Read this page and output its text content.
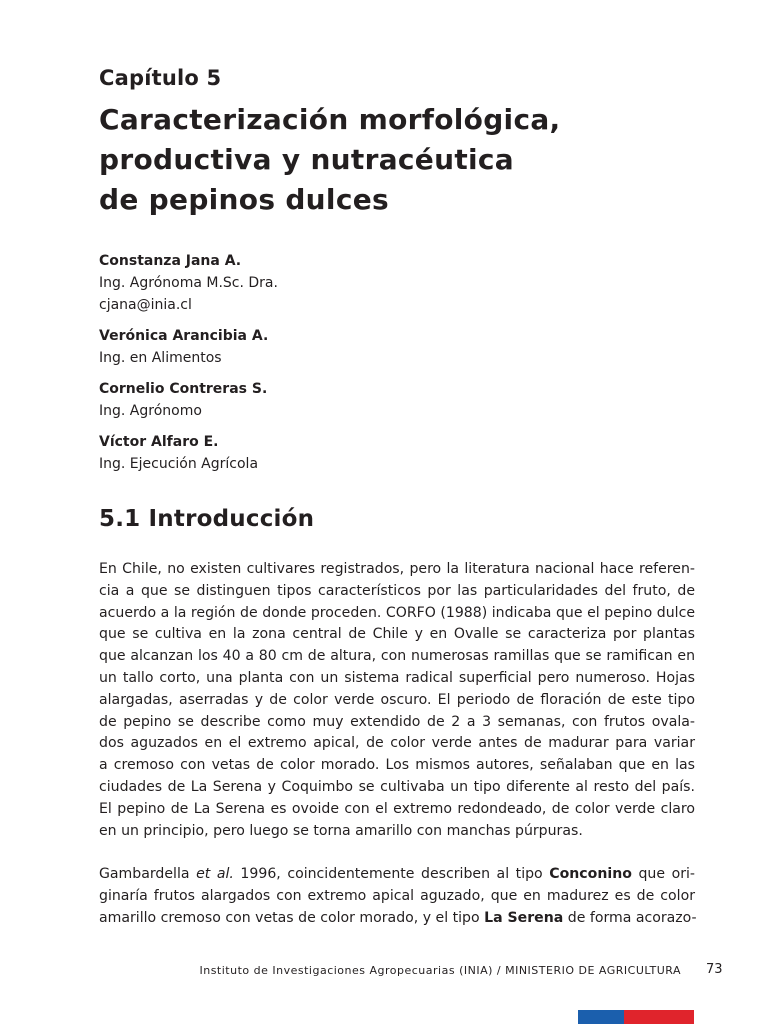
Capítulo 5
Caracterización morfológica,
productiva y nutracéutica
de pepinos dulces
Constanza Jana A.
Ing. Agrónoma M.Sc. Dra.
cjana@inia.cl
Verónica Arancibia A.
Ing. en Alimentos
Cornelio Contreras S.
Ing. Agrónomo
Víctor Alfaro E.
Ing. Ejecución Agrícola
5.1 Introducción
En Chile, no existen cultivares registrados, pero la literatura nacional hace referen-
cia a que se distinguen tipos característicos por las particularidades del fruto, de
acuerdo a la región de donde proceden. CORFO (1988) indicaba que el pepino dulce
que se cultiva en la zona central de Chile y en Ovalle se caracteriza por plantas
que alcanzan los 40 a 80 cm de altura, con numerosas ramillas que se ramifican en
un tallo corto, una planta con un sistema radical superficial pero numeroso. Hojas
alargadas, aserradas y de color verde oscuro. El periodo de floración de este tipo
de pepino se describe como muy extendido de 2 a 3 semanas, con frutos ovala-
dos aguzados en el extremo apical, de color verde antes de madurar para variar
a cremoso con vetas de color morado. Los mismos autores, señalaban que en las
ciudades de La Serena y Coquimbo se cultivaba un tipo diferente al resto del país.
El pepino de La Serena es ovoide con el extremo redondeado, de color verde claro
en un principio, pero luego se torna amarillo con manchas púrpuras.
Gambardella et al. 1996, coincidentemente describen al tipo Conconino que ori-
ginaría frutos alargados con extremo apical aguzado, que en madurez es de color
amarillo cremoso con vetas de color morado, y el tipo La Serena de forma acorazo-
Instituto de Investigaciones Agropecuarias (INIA) / MINISTERIO DE AGRICULTURA 73
